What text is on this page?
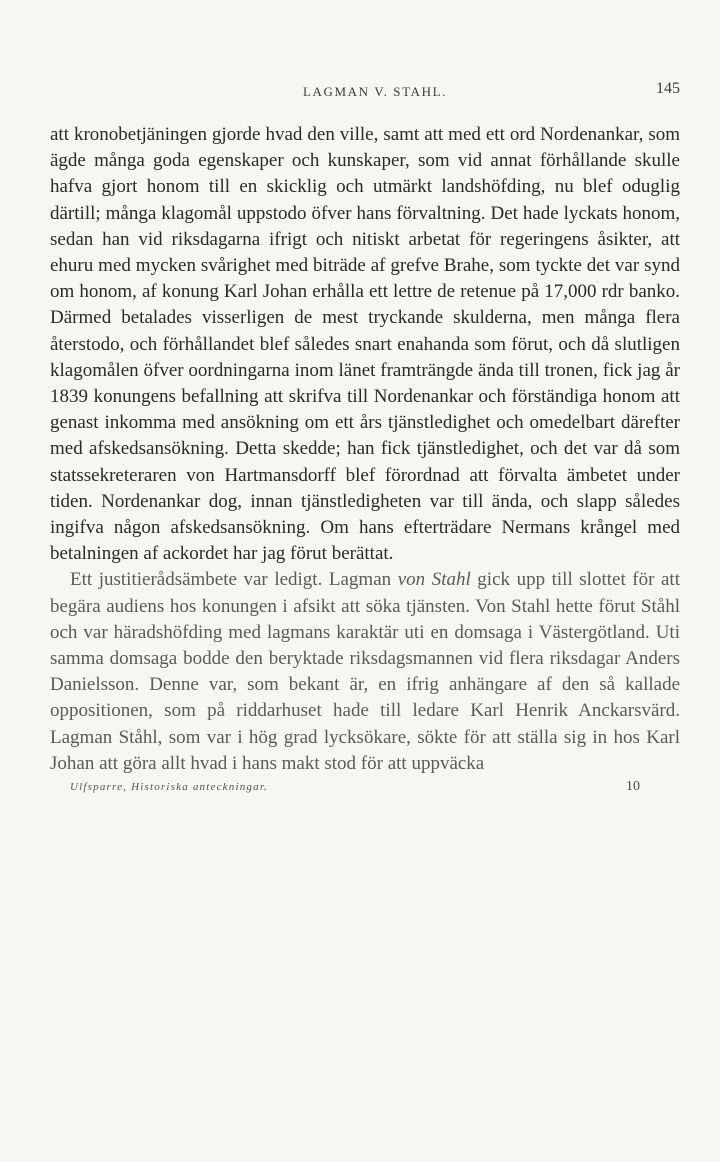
LAGMAN V. STAHL.	145

att kronobetjäningen gjorde hvad den ville, samt att med ett ord Nordenankar, som ägde många goda egenskaper och kunskaper, som vid annat förhållande skulle hafva gjort honom till en skicklig och utmärkt landshöfding, nu blef oduglig därtill; många klagomål uppstodo öfver hans förvaltning. Det hade lyckats honom, sedan han vid riksdagarna ifrigt och nitiskt arbetat för regeringens åsikter, att ehuru med mycken svårighet med biträde af grefve Brahe, som tyckte det var synd om honom, af konung Karl Johan erhålla ett lettre de retenue på 17,000 rdr banko. Därmed betalades visserligen de mest tryckande skulderna, men många flera återstodo, och förhållandet blef således snart enahanda som förut, och då slutligen klagomålen öfver oordningarna inom länet framträngde ända till tronen, fick jag år 1839 konungens befallning att skrifva till Nordenankar och förständiga honom att genast inkomma med ansökning om ett års tjänstledighet och omedelbart därefter med afskedsansökning. Detta skedde; han fick tjänstledighet, och det var då som statssekreteraren von Hartmansdorff blef förordnad att förvalta ämbetet under tiden. Nordenankar dog, innan tjänstledigheten var till ända, och slapp således ingifva någon afskedsansökning. Om hans efterträdare Nermans krångel med betalningen af ackordet har jag förut berättat.

Ett justitierådsämbete var ledigt. Lagman von Stahl gick upp till slottet för att begära audiens hos konungen i afsikt att söka tjänsten. Von Stahl hette förut Ståhl och var häradshöfding med lagmans karaktär uti en domsaga i Västergötland. Uti samma domsaga bodde den beryktade riksdagsmannen vid flera riksdagar Anders Danielsson. Denne var, som bekant är, en ifrig anhängare af den så kallade oppositionen, som på riddarhuset hade till ledare Karl Henrik Anckarsvärd. Lagman Ståhl, som var i hög grad lycksökare, sökte för att ställa sig in hos Karl Johan att göra allt hvad i hans makt stod för att uppväcka

Ulfsparre, Historiska anteckningar.	10
